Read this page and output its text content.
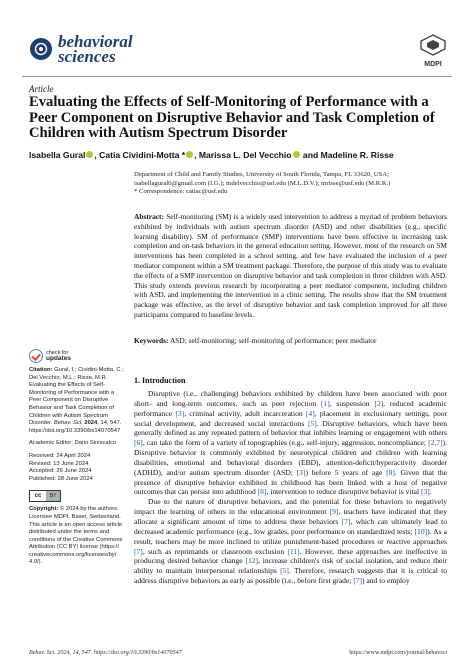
behavioral
sciences	MDPI
Article
Evaluating the Effects of Self-Monitoring of Performance with a Peer Component on Disruptive Behavior and Task Completion of Children with Autism Spectrum Disorder
Isabella Gural , Catia Cividini-Motta * , Marissa L. Del Vecchio and Madeline R. Risse
Department of Child and Family Studies, University of South Florida, Tampa, FL 33620, USA;
isabellagural6@gmail.com (I.G.); mdelvecchio@usf.edu (M.L.D.V.); mrisse@usf.edu (M.R.R.)
* Correspondence: catiac@usf.edu
Abstract: Self-monitoring (SM) is a widely used intervention to address a myriad of problem behaviors exhibited by individuals with autism spectrum disorder (ASD) and other disabilities (e.g., specific learning disability). SM of performance (SMP) interventions have been effective in increasing task completion and on-task behaviors in the general education setting. However, most of the research on SM interventions has been completed in a school setting, and few have evaluated the inclusion of a peer mediator component within a SM treatment package. Therefore, the purpose of this study was to evaluate the effects of a SMP intervention on disruptive behavior and task completion in three children with ASD. This study extends previous research by incorporating a peer mediator component, including children with ASD, and implementing the intervention in a clinic setting. The results show that the SM treatment package was effective, as the level of disruptive behavior and task completion improved for all three participants compared to baseline levels.
Keywords: ASD; self-monitoring; self-monitoring of performance; peer mediator
check for
updates
Citation: Gural, I.; Cividini-Motta, C.; Del Vecchio, M.L.; Risse, M.R. Evaluating the Effects of Self-Monitoring of Performance with a Peer Component on Disruptive Behavior and Task Completion of Children with Autism Spectrum Disorder. Behav. Sci. 2024, 14, 547. https://doi.org/10.3390/bs14070547
Academic Editor: Dario Siniscalco
Received: 24 April 2024
Revised: 13 June 2024
Accepted: 26 June 2024
Published: 28 June 2024
cc	BY
Copyright: © 2024 by the authors. Licensee MDPI, Basel, Switzerland. This article is an open access article distributed under the terms and conditions of the Creative Commons Attribution (CC BY) license (https:// creativecommons.org/licenses/by/ 4.0/).
1. Introduction

Disruptive (i.e., challenging) behaviors exhibited by children have been associated with poor short- and long-term outcomes, such as peer rejection [1], suspension [2], reduced academic performance [3], criminal activity, adult incarceration [4], placement in exclusionary settings, poor social development, and decreased social interactions [5]. Disruptive behaviors, which have been generally defined as any repeated pattern of behavior that inhibits learning or engagement with others [6], can take the form of a variety of topographies (e.g., self-injury, aggression, noncompliance; [2,7]). Disruptive behavior is commonly exhibited by neurotypical children and children with learning disabilities, emotional and behavioral disorders (EBD), attention-deficit/hyperactivity disorder (ADHD), and/or autism spectrum disorder (ASD; [3]) before 5 years of age [8]. Given that the presence of disruptive behavior exhibited in childhood has been linked with a host of negative outcomes that can persist into adulthood [8], intervention to reduce disruptive behavior is vital [3].

Due to the nature of disruptive behaviors, and the potential for these behaviors to negatively impact the learning of others in the educational environment [9], teachers have indicated that they allocate a significant amount of time to address these behaviors [7], which can ultimately lead to decreased academic performance (e.g., low grades, poor performance on standardized tests; [10]). As a result, teachers may be more inclined to utilize punishment-based procedures or reactive approaches [7], such as reprimands or classroom exclusion [11]. However, these approaches are ineffective in producing desired behavior change [12], increase children's risk of social isolation, and reduce their ability to maintain interpersonal relationships [5]. Therefore, research suggests that it is critical to address disruptive behaviors as early as possible (i.e., before first grade; [7]) and to employ

Behav. Sci. 2024, 14, 547. https://doi.org/10.3390/bs14070547	https://www.mdpi.com/journal/behavsci
